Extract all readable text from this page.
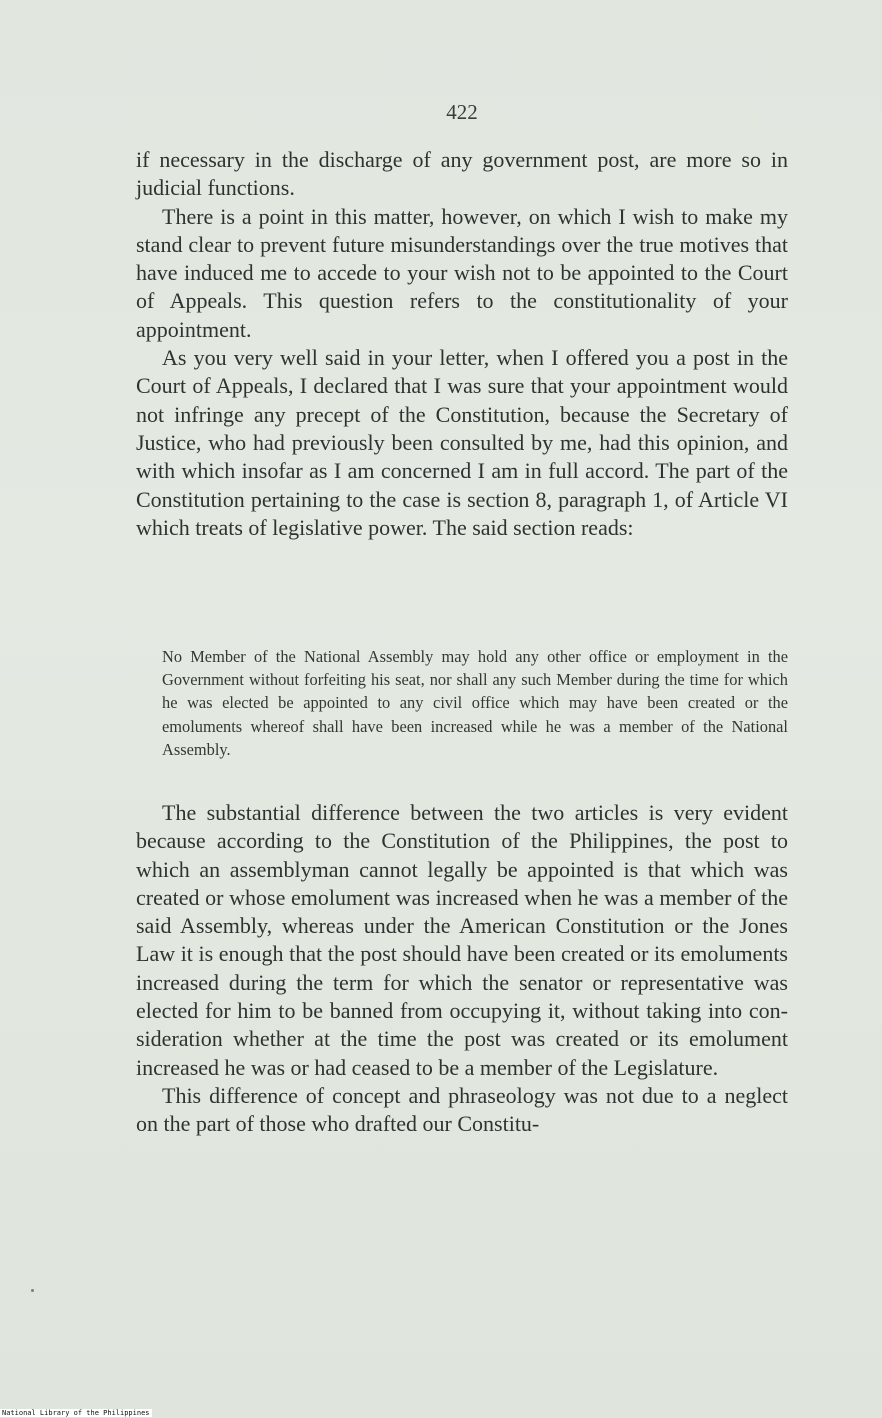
422

if necessary in the discharge of any government post, are more so in judicial functions.

There is a point in this matter, however, on which I wish to make my stand clear to prevent future misunderstandings over the true motives that have induced me to accede to your wish not to be appointed to the Court of Appeals. This question refers to the constitutionality of your appointment.

As you very well said in your letter, when I offered you a post in the Court of Appeals, I declared that I was sure that your appointment would not infringe any precept of the Constitution, because the Secretary of Justice, who had previously been consulted by me, had this opinion, and with which insofar as I am concerned I am in full accord. The part of the Constitution pertaining to the case is section 8, paragraph 1, of Article VI which treats of legislative power. The said section reads:

No Member of the National Assembly may hold any other office or employment in the Government without forfeiting his seat, nor shall any such Member during the time for which he was elected be appointed to any civil office which may have been created or the emoluments whereof shall have been increased while he was a member of the National Assembly.

The substantial difference between the two articles is very evident because according to the Constitution of the Philippines, the post to which an assemblyman cannot legally be appointed is that which was created or whose emolument was increased when he was a member of the said Assembly, whereas under the American Constitution or the Jones Law it is enough that the post should have been created or its emoluments increased during the term for which the senator or representative was elected for him to be banned from occupying it, without taking into consideration whether at the time the post was created or its emolument increased he was or had ceased to be a member of the Legislature.

This difference of concept and phraseology was not due to a neglect on the part of those who drafted our Constitu-

National Library of the Philippines
